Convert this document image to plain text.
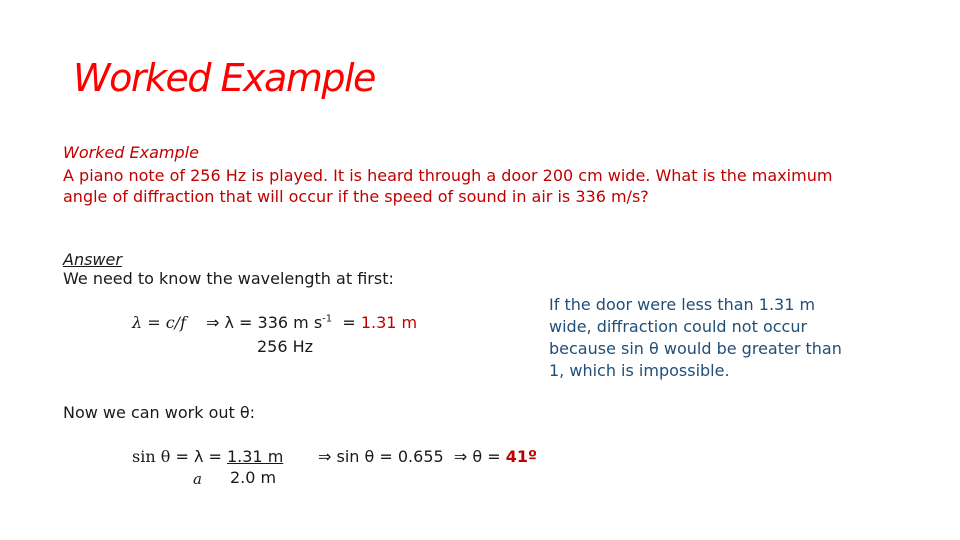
Worked Example
Worked Example
A piano note of 256 Hz is played. It is heard through a door 200 cm wide. What is the maximum
angle of diffraction that will occur if the speed of sound in air is 336 m/s?
Answer
We need to know the wavelength at first:
λ = c/f ⇒ λ = 336 m $s^{-1} = 1.31$ m
256 Hz
If the door were less than 1.31 m wide, diffraction could not occur because sin θ would be greater than 1, which is impossible.
Now we can work out θ:
sin θ = λ = 1.31 m
a 2.0 m
⇒ sin θ = 0.655  ⇒ θ = 41º
